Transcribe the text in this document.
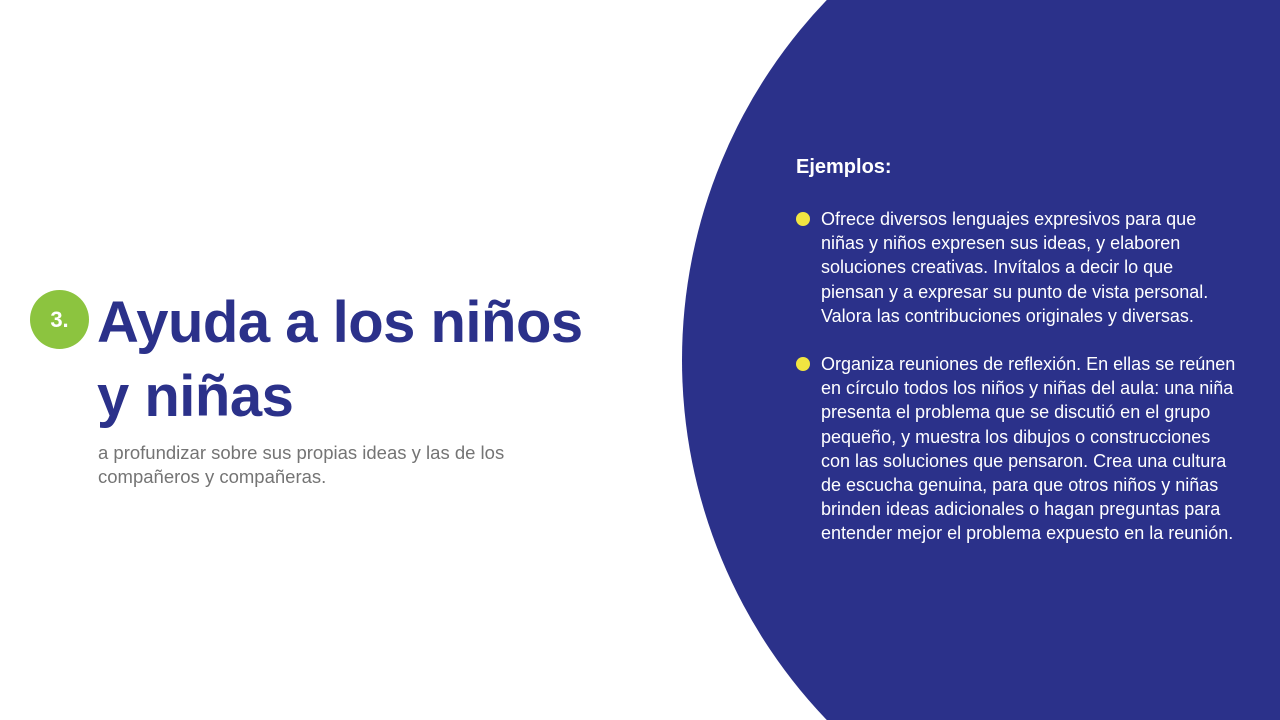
3. Ayuda a los niños y niñas

a profundizar sobre sus propias ideas y las de los compañeros y compañeras.

Ejemplos:
Ofrece diversos lenguajes expresivos para que niñas y niños expresen sus ideas, y elaboren soluciones creativas. Invítalos a decir lo que piensan y a expresar su punto de vista personal. Valora las contribuciones originales y diversas.
Organiza reuniones de reflexión. En ellas se reúnen en círculo todos los niños y niñas del aula: una niña presenta el problema que se discutió en el grupo pequeño, y muestra los dibujos o construcciones con las soluciones que pensaron. Crea una cultura de escucha genuina, para que otros niños y niñas brinden ideas adicionales o hagan preguntas para entender mejor el problema expuesto en la reunión.
